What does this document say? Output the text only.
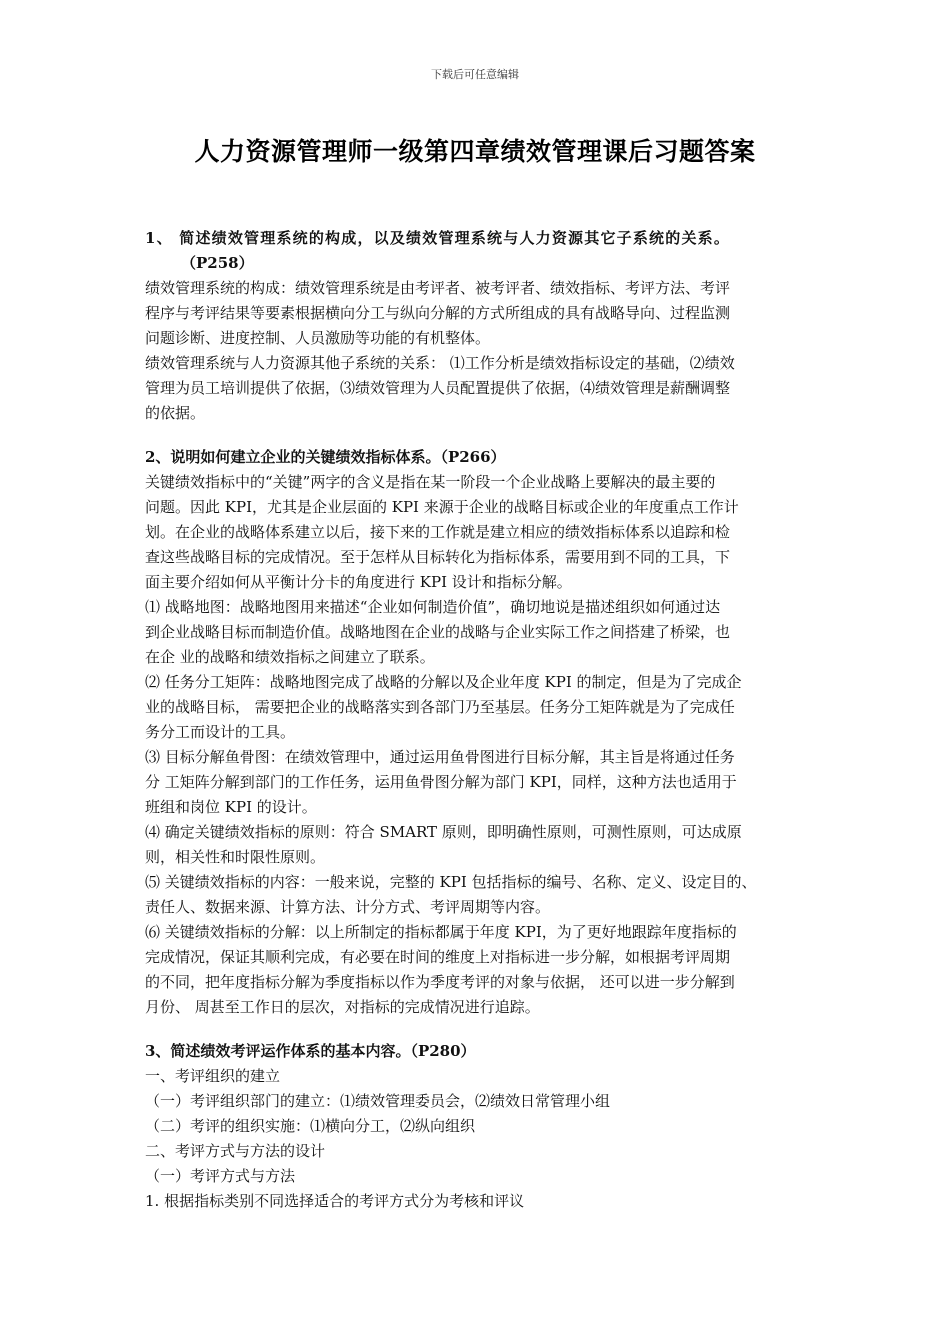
下载后可任意编辑
人力资源管理师一级第四章绩效管理课后习题答案

1、 简述绩效管理系统的构成，以及绩效管理系统与人力资源其它子系统的关系。

（P258）

绩效管理系统的构成：绩效管理系统是由考评者、被考评者、绩效指标、考评方法、考评

程序与考评结果等要素根据横向分工与纵向分解的方式所组成的具有战略导向、过程监测

问题诊断、进度控制、人员激励等功能的有机整体。

绩效管理系统与人力资源其他子系统的关系： ⑴工作分析是绩效指标设定的基础，⑵绩效

管理为员工培训提供了依据，⑶绩效管理为人员配置提供了依据，⑷绩效管理是薪酬调整

的依据。

2、说明如何建立企业的关键绩效指标体系。（P266）

关键绩效指标中的“关键”两字的含义是指在某一阶段一个企业战略上要解决的最主要的

问题。因此 KPI，尤其是企业层面的 KPI 来源于企业的战略目标或企业的年度重点工作计

划。在企业的战略体系建立以后，接下来的工作就是建立相应的绩效指标体系以追踪和检

查这些战略目标的完成情况。至于怎样从目标转化为指标体系，需要用到不同的工具，下

面主要介绍如何从平衡计分卡的角度进行 KPI 设计和指标分解。

⑴ 战略地图：战略地图用来描述“企业如何制造价值”，确切地说是描述组织如何通过达

到企业战略目标而制造价值。战略地图在企业的战略与企业实际工作之间搭建了桥梁，也

在企 业的战略和绩效指标之间建立了联系。

⑵ 任务分工矩阵：战略地图完成了战略的分解以及企业年度 KPI 的制定，但是为了完成企

业的战略目标， 需要把企业的战略落实到各部门乃至基层。任务分工矩阵就是为了完成任

务分工而设计的工具。

⑶ 目标分解鱼骨图：在绩效管理中，通过运用鱼骨图进行目标分解，其主旨是将通过任务

分 工矩阵分解到部门的工作任务，运用鱼骨图分解为部门 KPI，同样，这种方法也适用于

班组和岗位 KPI 的设计。

⑷ 确定关键绩效指标的原则：符合 SMART 原则，即明确性原则，可测性原则，可达成原

则，相关性和时限性原则。

⑸ 关键绩效指标的内容：一般来说，完整的 KPI 包括指标的编号、名称、定义、设定目的、

责任人、数据来源、计算方法、计分方式、考评周期等内容。

⑹ 关键绩效指标的分解：以上所制定的指标都属于年度 KPI，为了更好地跟踪年度指标的

完成情况，保证其顺利完成，有必要在时间的维度上对指标进一步分解，如根据考评周期

的不同，把年度指标分解为季度指标以作为季度考评的对象与依据， 还可以进一步分解到

月份、 周甚至工作日的层次，对指标的完成情况进行追踪。

3、简述绩效考评运作体系的基本内容。（P280）

一、考评组织的建立

（一）考评组织部门的建立：⑴绩效管理委员会，⑵绩效日常管理小组

（二）考评的组织实施：⑴横向分工，⑵纵向组织

二、考评方式与方法的设计

（一）考评方式与方法

1. 根据指标类别不同选择适合的考评方式分为考核和评议
